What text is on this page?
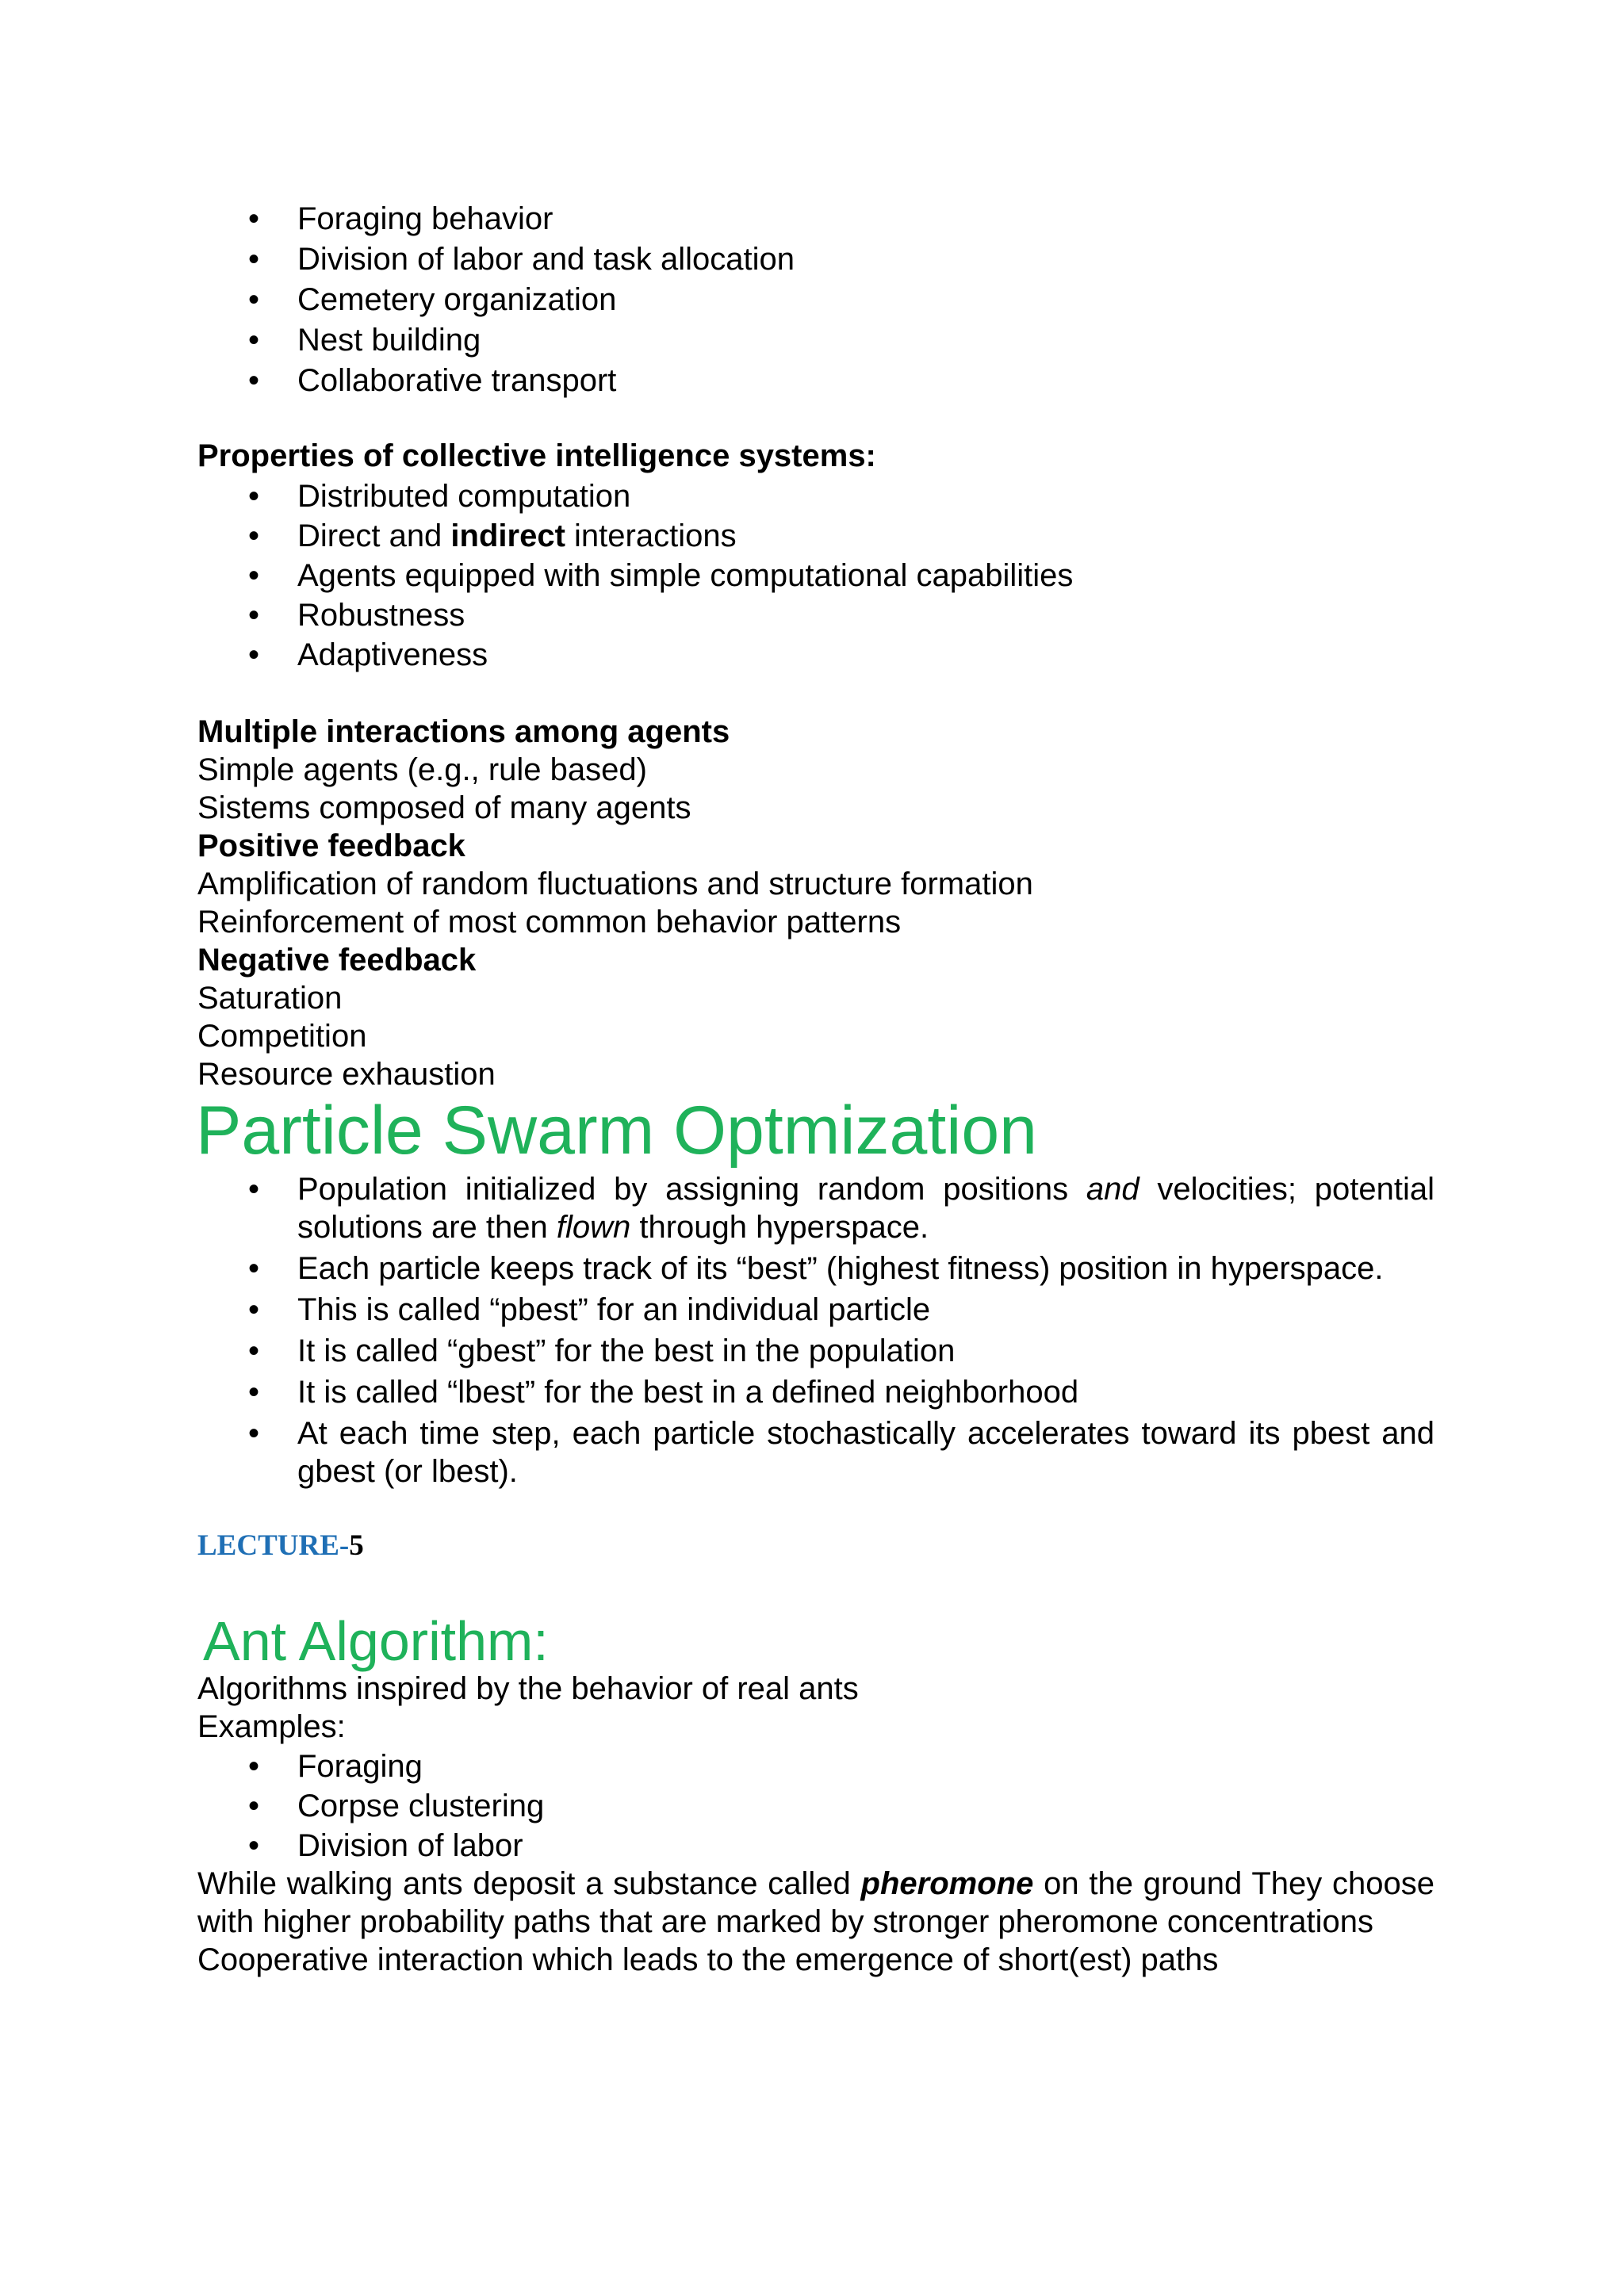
• Foraging behavior
• Division of labor and task allocation
• Cemetery organization
• Nest building
• Collaborative transport
Properties of collective intelligence systems:
• Distributed computation
• Direct and indirect interactions
• Agents equipped with simple computational capabilities
• Robustness
• Adaptiveness
Multiple interactions among agents
Simple agents (e.g., rule based)
Sistems composed of many agents
Positive feedback
Amplification of random fluctuations and structure formation
Reinforcement of most common behavior patterns
Negative feedback
Saturation
Competition
Resource exhaustion
Particle Swarm Optmization
• Population initialized by assigning random positions and velocities; potential solutions are then flown through hyperspace.
• Each particle keeps track of its “best” (highest fitness) position in hyperspace.
• This is called “pbest” for an individual particle
• It is called “gbest” for the best in the population
• It is called “lbest” for the best in a defined neighborhood
• At each time step, each particle stochastically accelerates toward its pbest and gbest (or lbest).
LECTURE-5
Ant Algorithm:
Algorithms inspired by the behavior of real ants
Examples:
• Foraging
• Corpse clustering
• Division of labor
While walking ants deposit a substance called pheromone on the ground They choose with higher probability paths that are marked by stronger pheromone concentrations
Cooperative interaction which leads to the emergence of short(est) paths
